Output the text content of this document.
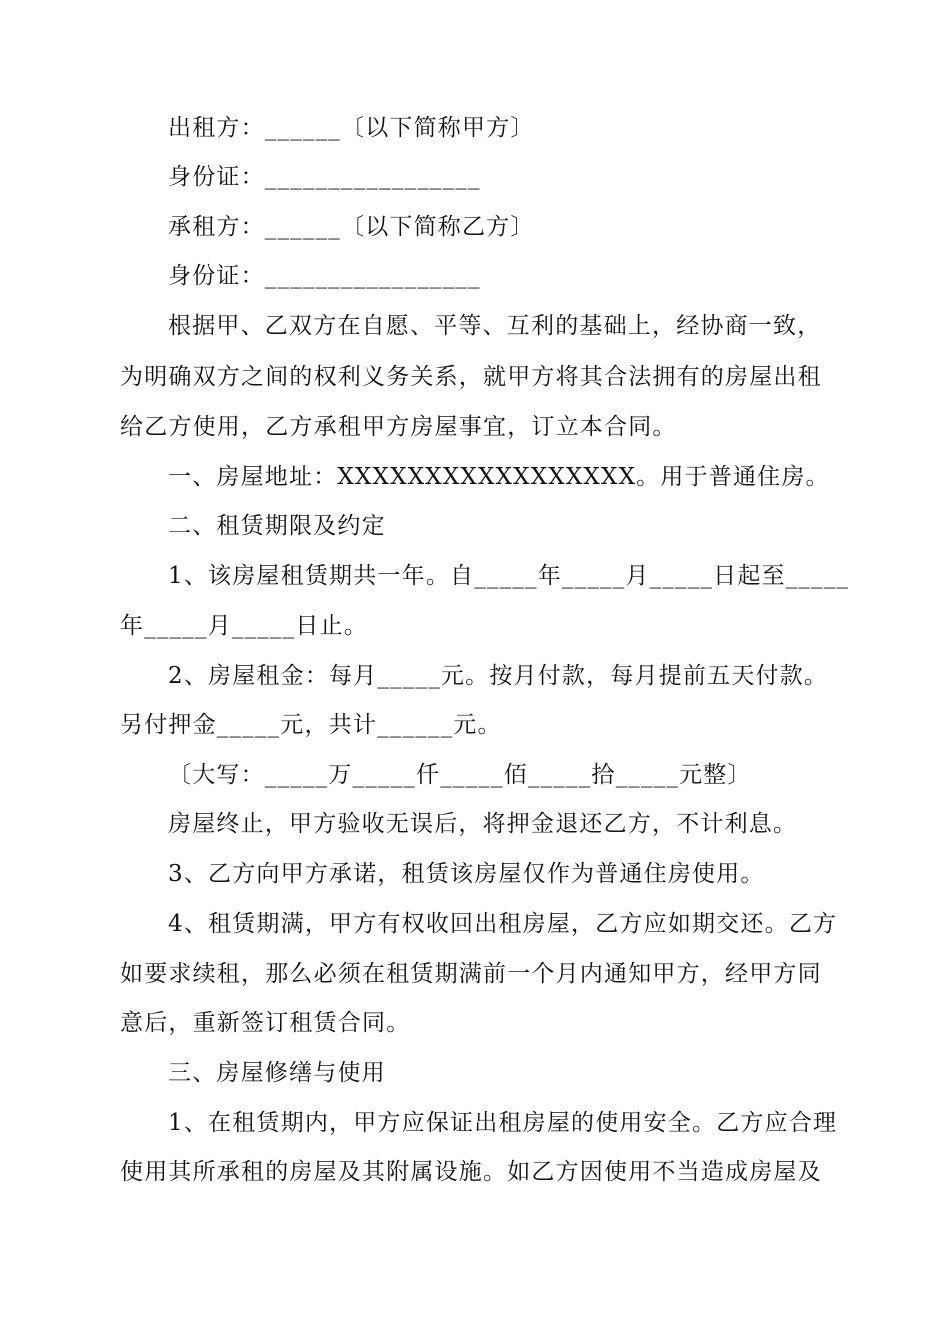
出租方：______〔以下简称甲方〕
身份证：_________________
承租方：______〔以下简称乙方〕
身份证：_________________
根据甲、乙双方在自愿、平等、互利的基础上，经协商一致，
为明确双方之间的权利义务关系，就甲方将其合法拥有的房屋出租
给乙方使用，乙方承租甲方房屋事宜，订立本合同。
一、房屋地址：XXXXXXXXXXXXXXXXX。用于普通住房。
二、租赁期限及约定
1、该房屋租赁期共一年。自_____年_____月_____日起至_____
年_____月_____日止。
2、房屋租金：每月_____元。按月付款，每月提前五天付款。
另付押金_____元，共计______元。
〔大写：_____万_____仟_____佰_____拾_____元整〕
房屋终止，甲方验收无误后，将押金退还乙方，不计利息。
3、乙方向甲方承诺，租赁该房屋仅作为普通住房使用。
4、租赁期满，甲方有权收回出租房屋，乙方应如期交还。乙方
如要求续租，那么必须在租赁期满前一个月内通知甲方，经甲方同
意后，重新签订租赁合同。
三、房屋修缮与使用
1、在租赁期内，甲方应保证出租房屋的使用安全。乙方应合理
使用其所承租的房屋及其附属设施。如乙方因使用不当造成房屋及
